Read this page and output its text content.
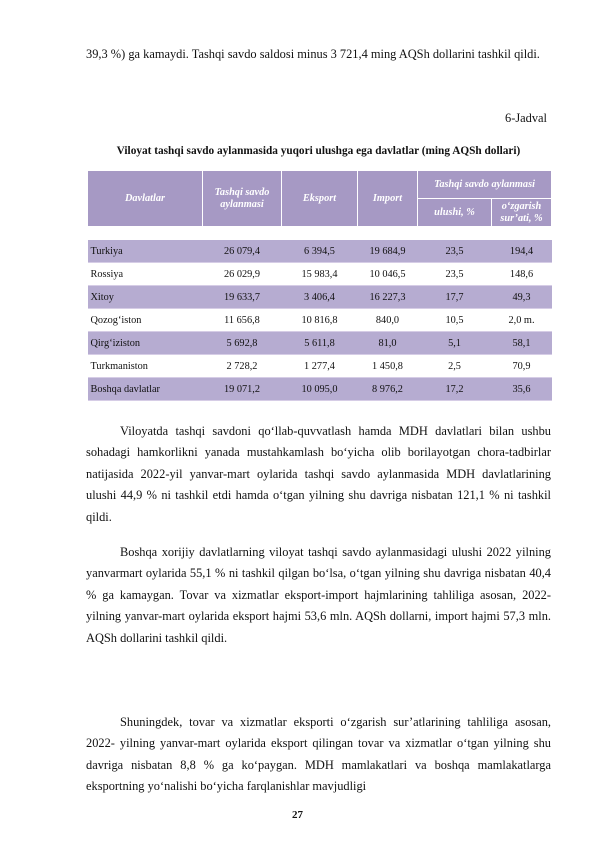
39,3 %) ga kamaydi. Tashqi savdo saldosi minus 3 721,4 ming AQSh dollarini tashkil qildi.
6-Jadval
Viloyat tashqi savdo aylanmasida yuqori ulushga ega davlatlar (ming AQSh dollari)
Davlatlar	Tashqi savdo aylanmasi	Eksport	Import	Tashqi savdo aylanmasi	
				ulushi, %	o‘zgarish sur’ati, %

Turkiya	26 079,4	6 394,5	19 684,9	23,5	194,4
Rossiya	26 029,9	15 983,4	10 046,5	23,5	148,6
Xitoy	19 633,7	3 406,4	16 227,3	17,7	49,3
Qozog‘iston	11 656,8	10 816,8	840,0	10,5	2,0 m.
Qirg‘iziston	5 692,8	5 611,8	81,0	5,1	58,1
Turkmaniston	2 728,2	1 277,4	1 450,8	2,5	70,9
Boshqa davlatlar	19 071,2	10 095,0	8 976,2	17,2	35,6
Viloyatda tashqi savdoni qo‘llab-quvvatlash hamda MDH davlatlari bilan ushbu sohadagi hamkorlikni yanada mustahkamlash bo‘yicha olib borilayotgan chora-tadbirlar natijasida 2022-yil yanvar-mart oylarida tashqi savdo aylanmasida MDH davlatlarining ulushi 44,9 % ni tashkil etdi hamda o‘tgan yilning shu davriga nisbatan 121,1 % ni tashkil qildi.
Boshqa xorijiy davlatlarning viloyat tashqi savdo aylanmasidagi ulushi 2022 yilning yanvarmart oylarida 55,1 % ni tashkil qilgan bo‘lsa, o‘tgan yilning shu davriga nisbatan 40,4 % ga kamaygan. Tovar va xizmatlar eksport-import hajmlarining tahliliga asosan, 2022- yilning yanvar-mart oylarida eksport hajmi 53,6 mln. AQSh dollarni, import hajmi 57,3 mln. AQSh dollarini tashkil qildi.
Shuningdek, tovar va xizmatlar eksporti o‘zgarish sur’atlarining tahliliga asosan, 2022- yilning yanvar-mart oylarida eksport qilingan tovar va xizmatlar o‘tgan yilning shu davriga nisbatan 8,8 % ga ko‘paygan. MDH mamlakatlari va boshqa mamlakatlarga eksportning yo‘nalishi bo‘yicha farqlanishlar mavjudligi
27
